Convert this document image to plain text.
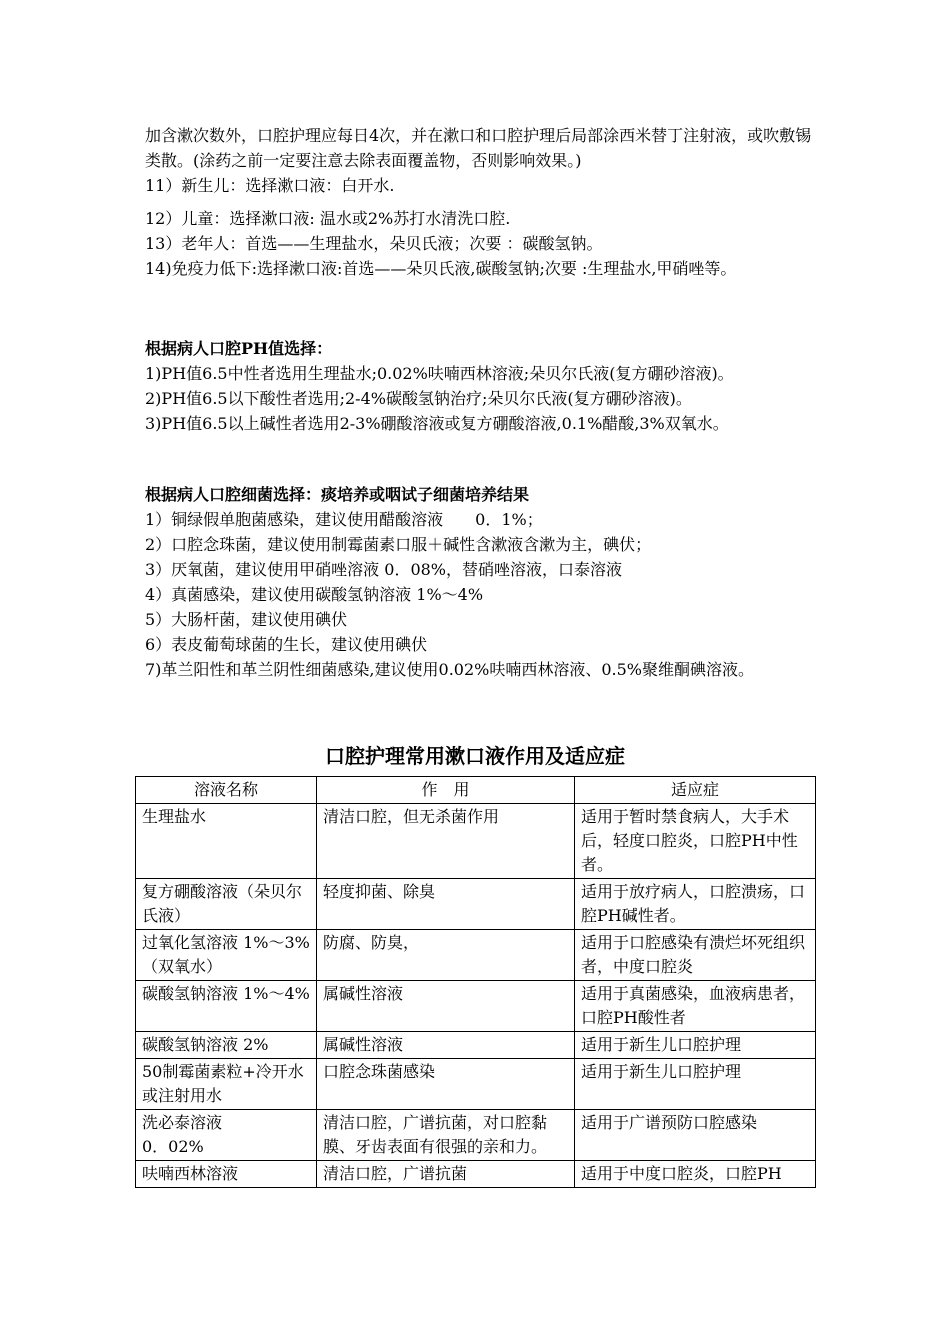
加含漱次数外，口腔护理应每日4次，并在漱口和口腔护理后局部涂西米替丁注射液，或吹敷锡类散。(涂药之前一定要注意去除表面覆盖物，否则影响效果。)
11）新生儿：选择漱口液：白开水.
12）儿童：选择漱口液: 温水或2%苏打水清洗口腔.
13）老年人：首选——生理盐水，朵贝氏液；次要 ：碳酸氢钠。
14)免疫力低下:选择漱口液:首选——朵贝氏液,碳酸氢钠;次要 :生理盐水,甲硝唑等。
根据病人口腔PH值选择：
1)PH值6.5中性者选用生理盐水;0.02%呋喃西林溶液;朵贝尔氏液(复方硼砂溶液)。
2)PH值6.5以下酸性者选用;2-4%碳酸氢钠治疗;朵贝尔氏液(复方硼砂溶液)。
3)PH值6.5以上碱性者选用2-3%硼酸溶液或复方硼酸溶液,0.1%醋酸,3%双氧水。
根据病人口腔细菌选择：痰培养或咽试子细菌培养结果
1）铜绿假单胞菌感染，建议使用醋酸溶液　　0．1%；
2）口腔念珠菌，建议使用制霉菌素口服＋碱性含漱液含漱为主，碘伏；
3）厌氧菌，建议使用甲硝唑溶液 0．08%，替硝唑溶液，口泰溶液
4）真菌感染，建议使用碳酸氢钠溶液 1%～4%
5）大肠杆菌，建议使用碘伏
6）表皮葡萄球菌的生长，建议使用碘伏
7)革兰阳性和革兰阴性细菌感染,建议使用0.02%呋喃西林溶液、0.5%聚维酮碘溶液。
口腔护理常用漱口液作用及适应症
溶液名称	作　用	适应症
生理盐水	清洁口腔，但无杀菌作用	适用于暂时禁食病人，大手术后，轻度口腔炎，口腔PH中性者。
复方硼酸溶液（朵贝尔氏液）	轻度抑菌、除臭	适用于放疗病人，口腔溃疡，口腔PH碱性者。
过氧化氢溶液 1%～3%（双氧水）	防腐、防臭，	适用于口腔感染有溃烂坏死组织者，中度口腔炎
碳酸氢钠溶液 1%～4%	属碱性溶液	适用于真菌感染，血液病患者，口腔PH酸性者
碳酸氢钠溶液 2%	属碱性溶液	适用于新生儿口腔护理
50制霉菌素粒+冷开水或注射用水	口腔念珠菌感染	适用于新生儿口腔护理
洗必泰溶液
0．02%	清洁口腔，广谱抗菌，对口腔黏膜、牙齿表面有很强的亲和力。	适用于广谱预防口腔感染
呋喃西林溶液	清洁口腔，广谱抗菌	适用于中度口腔炎，口腔PH
